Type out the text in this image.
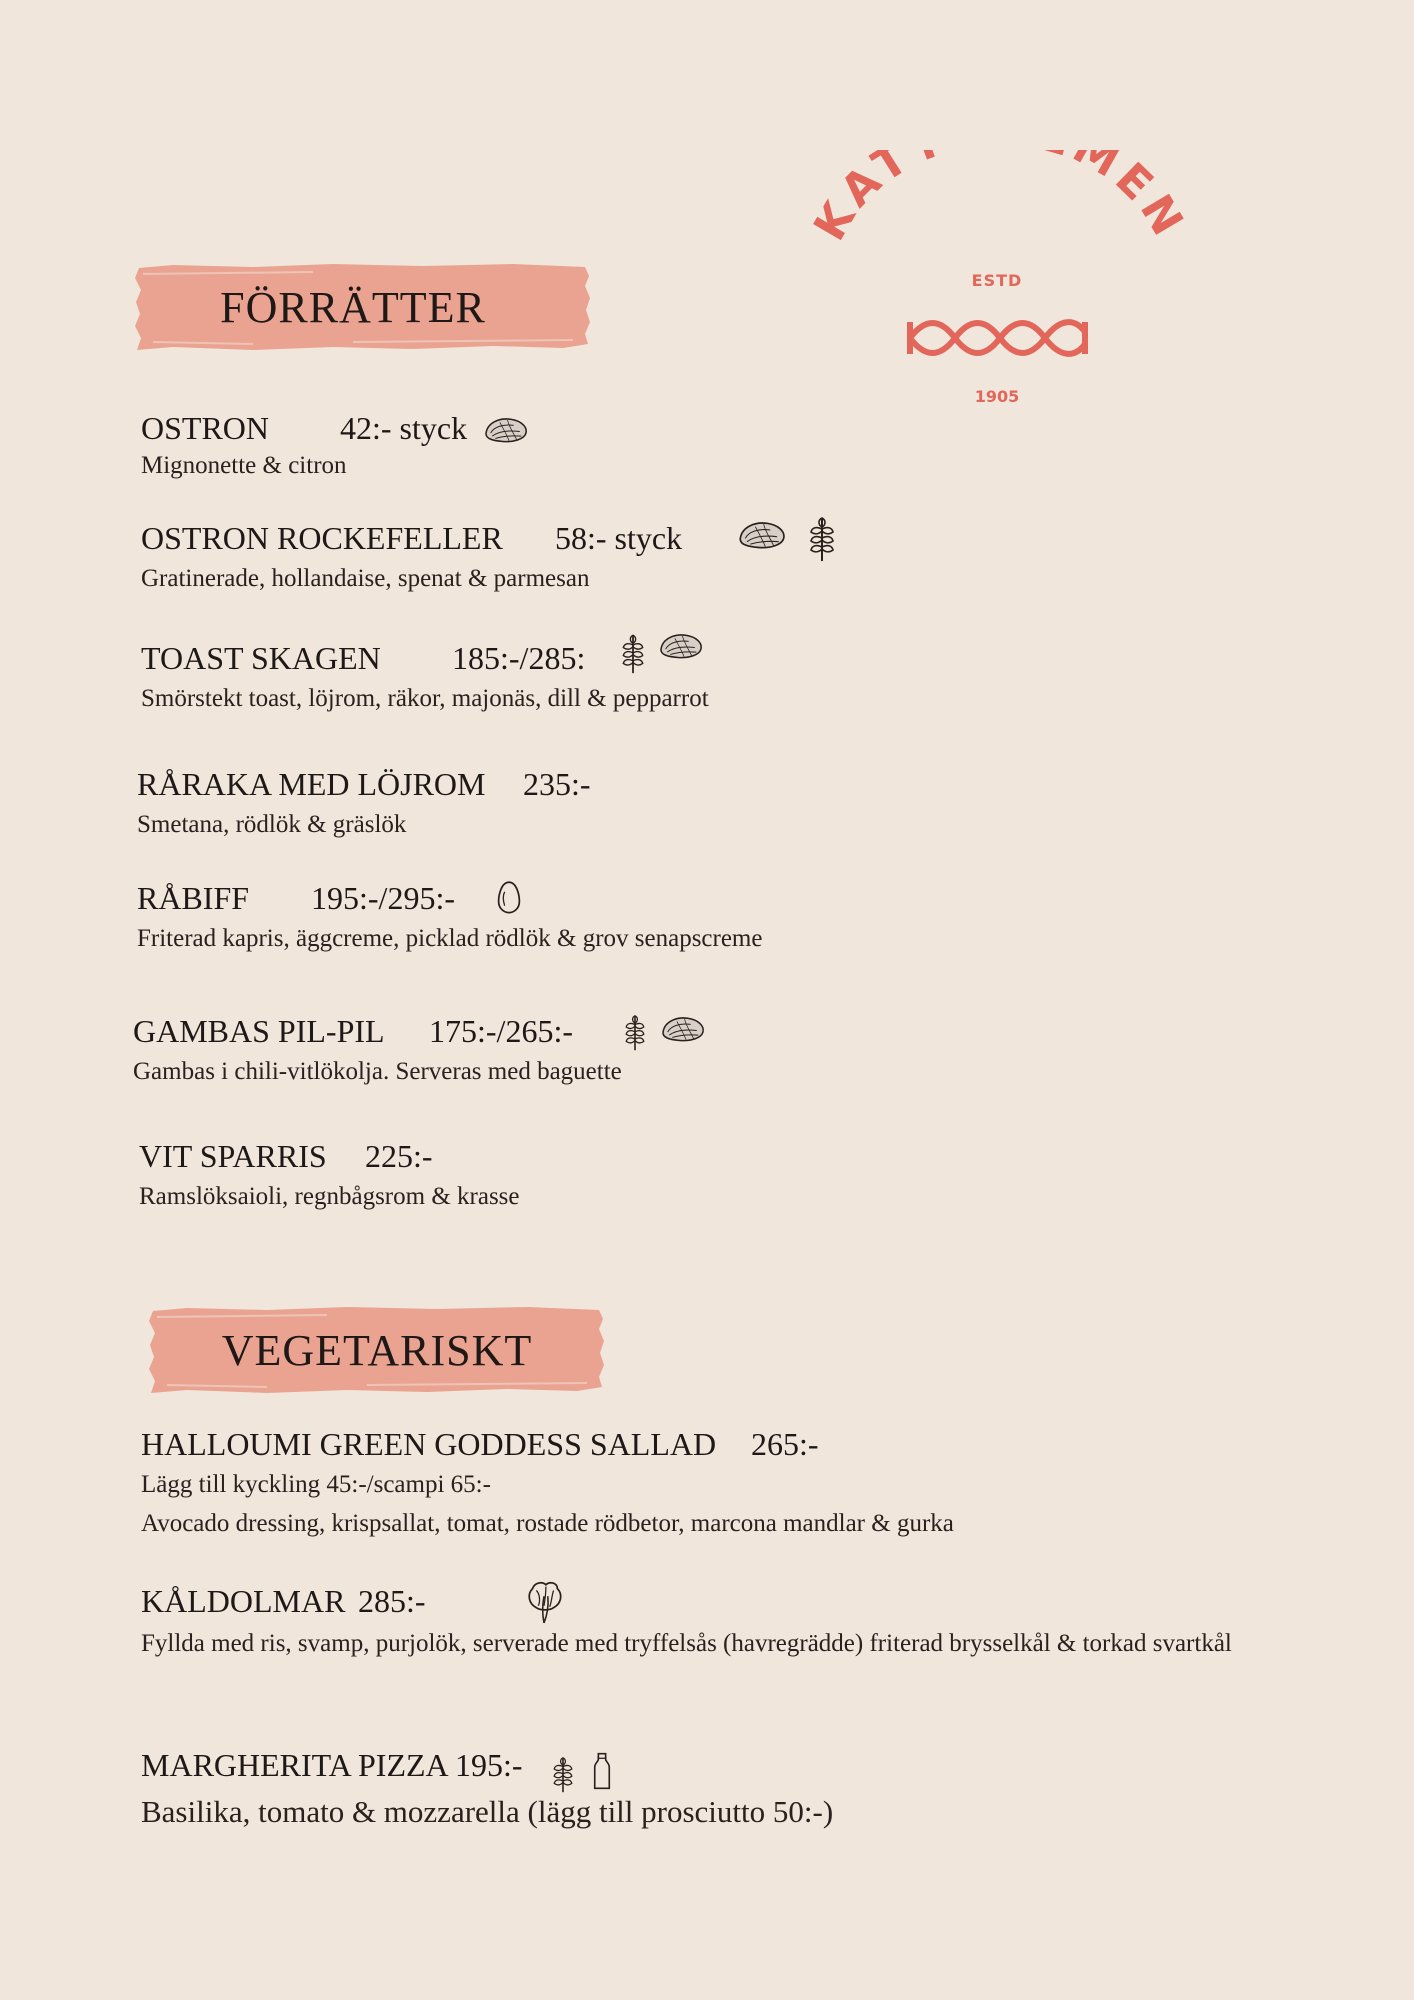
KAT MEN
ESTD
1905
FÖRRÄTTER
OSTRON 42:- styck
Mignonette & citron
OSTRON ROCKEFELLER 58:- styck
Gratinerade, hollandaise, spenat & parmesan
TOAST SKAGEN 185:-/285:
Smörstekt toast, löjrom, räkor, majonäs, dill & pepparrot
RÅRAKA MED LÖJROM 235:-
Smetana, rödlök & gräslök
RÅBIFF 195:-/295:-
Friterad kapris, äggcreme, picklad rödlök & grov senapscreme
GAMBAS PIL-PIL 175:-/265:-
Gambas i chili-vitlökolja. Serveras med baguette
VIT SPARRIS 225:-
Ramslöksaioli, regnbågsrom & krasse
VEGETARISKT
HALLOUMI GREEN GODDESS SALLAD 265:-
Lägg till kyckling 45:-/scampi 65:-
Avocado dressing, krispsallat, tomat, rostade rödbetor, marcona mandlar & gurka
KÅLDOLMAR 285:-
Fyllda med ris, svamp, purjolök, serverade med tryffelsås (havregrädde) friterad brysselkål & torkad svartkål
MARGHERITA PIZZA 195:-
Basilika, tomato & mozzarella (lägg till prosciutto 50:-)
